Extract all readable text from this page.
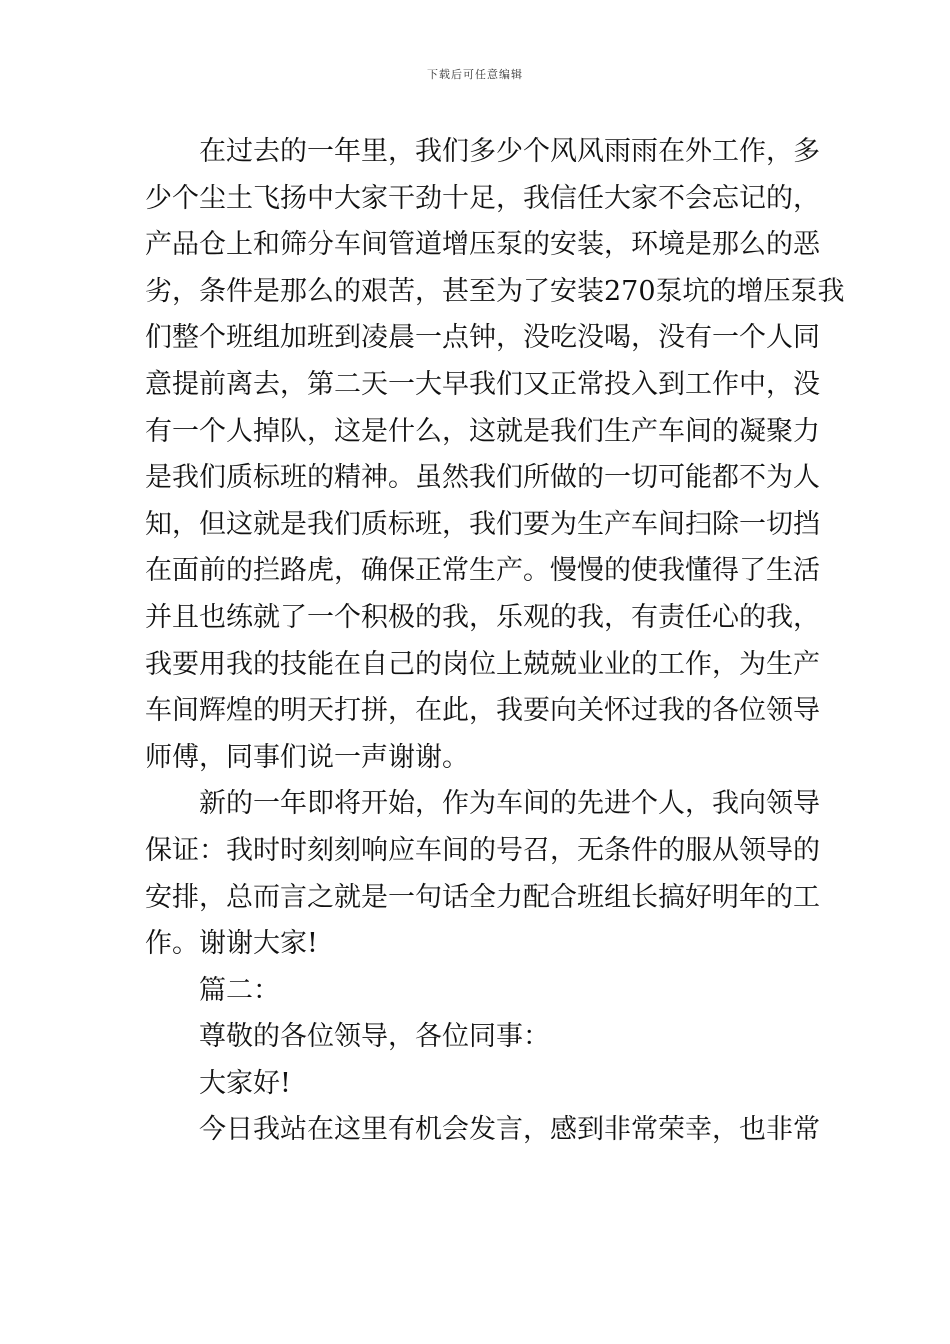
下载后可任意编辑
在过去的一年里，我们多少个风风雨雨在外工作，多
少个尘土飞扬中大家干劲十足，我信任大家不会忘记的，
产品仓上和筛分车间管道增压泵的安装，环境是那么的恶
劣，条件是那么的艰苦，甚至为了安装270泵坑的增压泵我
们整个班组加班到凌晨一点钟，没吃没喝，没有一个人同
意提前离去，第二天一大早我们又正常投入到工作中，没
有一个人掉队，这是什么，这就是我们生产车间的凝聚力
是我们质标班的精神。虽然我们所做的一切可能都不为人
知，但这就是我们质标班，我们要为生产车间扫除一切挡
在面前的拦路虎，确保正常生产。慢慢的使我懂得了生活
并且也练就了一个积极的我，乐观的我，有责任心的我，
我要用我的技能在自己的岗位上兢兢业业的工作，为生产
车间辉煌的明天打拼，在此，我要向关怀过我的各位领导
师傅，同事们说一声谢谢。
新的一年即将开始，作为车间的先进个人，我向领导
保证：我时时刻刻响应车间的号召，无条件的服从领导的
安排，总而言之就是一句话全力配合班组长搞好明年的工
作。谢谢大家!
篇二：
尊敬的各位领导，各位同事：
大家好!
今日我站在这里有机会发言，感到非常荣幸，也非常
